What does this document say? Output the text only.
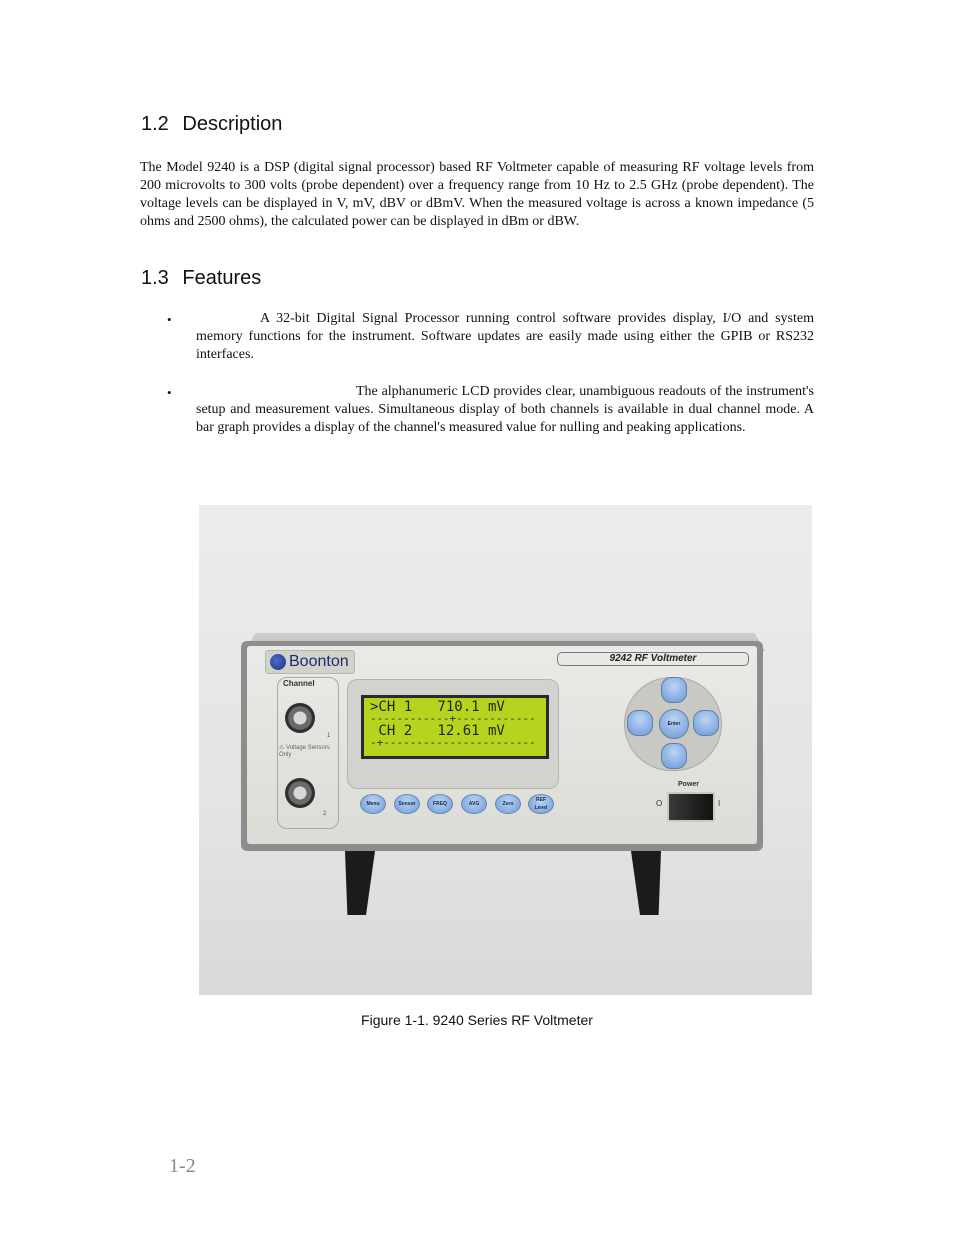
1.2 Description

The Model 9240 is a DSP (digital signal processor) based RF Voltmeter capable of measuring RF voltage levels from 200 microvolts to 300 volts (probe dependent) over a frequency range from 10 Hz to 2.5 GHz (probe dependent). The voltage levels can be displayed in V, mV, dBV or dBmV. When the measured voltage is across a known impedance (5 ohms and 2500 ohms), the calculated power can be displayed in dBm or dBW.

1.3 Features
•	A 32-bit Digital Signal Processor running control software provides display, I/O and system memory functions for the instrument. Software updates are easily made using either the GPIB or RS232 interfaces.

•	The alphanumeric LCD provides clear, unambiguous readouts of the instrument's setup and measurement values. Simultaneous display of both channels is available in dual channel mode. A bar graph provides a display of the channel's measured value for nulling and peaking applications.

Boonton	9242 RF Voltmeter
Channel
1
⚠ Voltage Sensors Only
2
>CH 1   710.1 mV
------------+------------
CH 2   12.61 mV
-+-----------------------
Menu	Sensor	FREQ	AVG	Zero
REF Level
Enter
Power
O	I
Figure 1-1. 9240 Series RF Voltmeter
1-2
